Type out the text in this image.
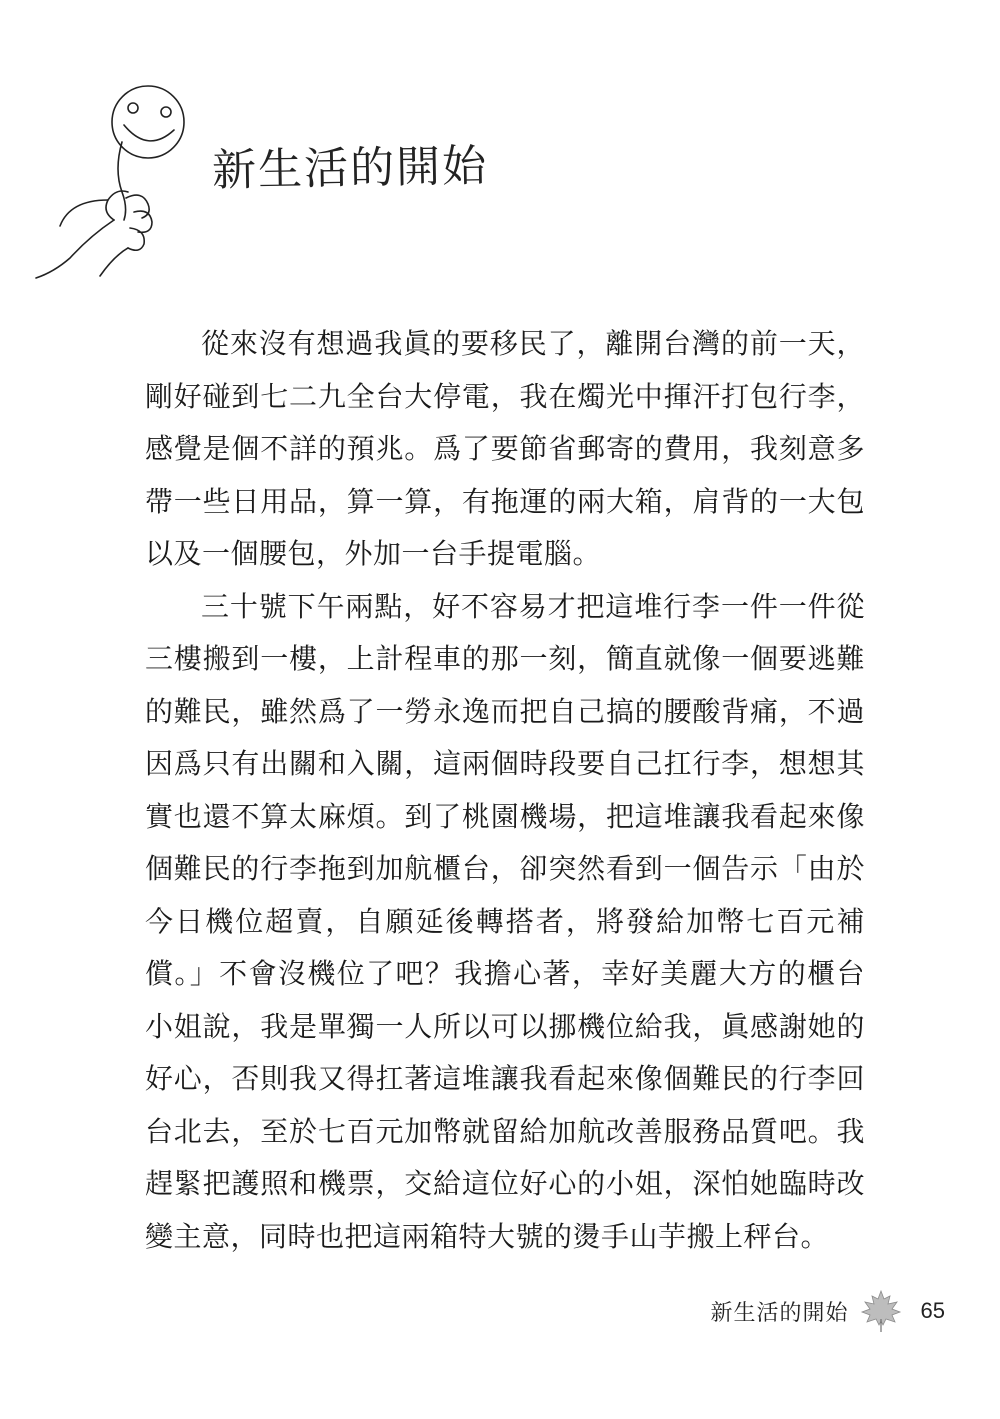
新生活的開始

從來沒有想過我眞的要移民了，離開台灣的前一天，剛好碰到七二九全台大停電，我在燭光中揮汗打包行李，感覺是個不詳的預兆。爲了要節省郵寄的費用，我刻意多帶一些日用品，算一算，有拖運的兩大箱，肩背的一大包以及一個腰包，外加一台手提電腦。

三十號下午兩點，好不容易才把這堆行李一件一件從三樓搬到一樓，上計程車的那一刻，簡直就像一個要逃難的難民，雖然爲了一勞永逸而把自己搞的腰酸背痛，不過因爲只有出關和入關，這兩個時段要自己扛行李，想想其實也還不算太麻煩。到了桃園機場，把這堆讓我看起來像個難民的行李拖到加航櫃台，卻突然看到一個告示「由於今日機位超賣，自願延後轉搭者，將發給加幣七百元補償。」不會沒機位了吧？我擔心著，幸好美麗大方的櫃台小姐說，我是單獨一人所以可以挪機位給我，眞感謝她的好心，否則我又得扛著這堆讓我看起來像個難民的行李回台北去，至於七百元加幣就留給加航改善服務品質吧。我趕緊把護照和機票，交給這位好心的小姐，深怕她臨時改變主意，同時也把這兩箱特大號的燙手山芋搬上秤台。

新生活的開始	65
